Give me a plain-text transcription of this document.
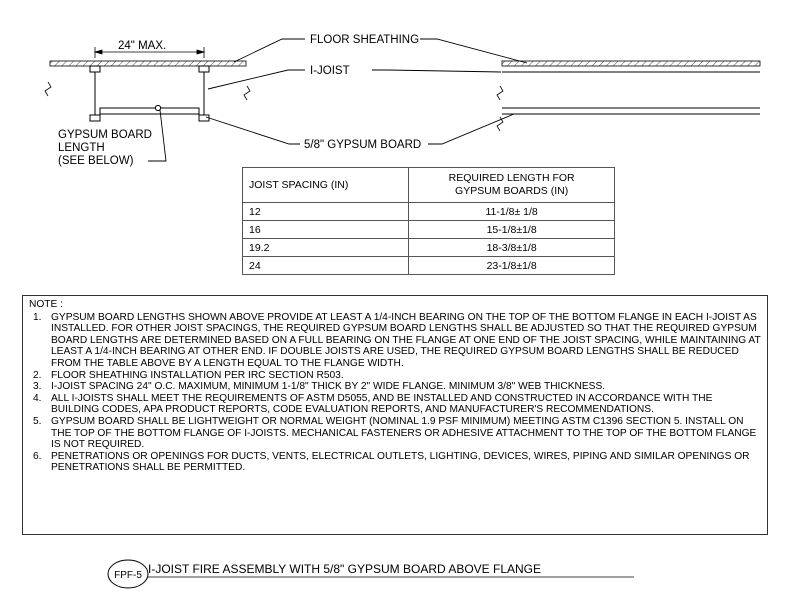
24" MAX.	FLOOR SHEATHING
I-JOIST
5/8" GYPSUM BOARD
GYPSUM BOARD
LENGTH
(SEE BELOW)
JOIST SPACING (IN)	REQUIRED LENGTH FOR
GYPSUM BOARDS (IN)

12	11-1/8± 1/8
16	15-1/8±1/8
19.2	18-3/8±1/8
24	23-1/8±1/8
NOTE :
1. GYPSUM BOARD LENGTHS SHOWN ABOVE PROVIDE AT LEAST A 1/4-INCH BEARING ON THE TOP OF THE BOTTOM FLANGE IN EACH I-JOIST AS INSTALLED. FOR OTHER JOIST SPACINGS, THE REQUIRED GYPSUM BOARD LENGTHS SHALL BE ADJUSTED SO THAT THE REQUIRED GYPSUM BOARD LENGTHS ARE DETERMINED BASED ON A FULL BEARING ON THE FLANGE AT ONE END OF THE JOIST SPACING, WHILE MAINTAINING AT LEAST A 1/4-INCH BEARING AT OTHER END. IF DOUBLE JOISTS ARE USED, THE REQUIRED GYPSUM BOARD LENGTHS SHALL BE REDUCED FROM THE TABLE ABOVE BY A LENGTH EQUAL TO THE FLANGE WIDTH.
2. FLOOR SHEATHING INSTALLATION PER IRC SECTION R503.
3. I-JOIST SPACING 24" O.C. MAXIMUM, MINIMUM 1-1/8" THICK BY 2" WIDE FLANGE. MINIMUM 3/8" WEB THICKNESS.
4. ALL I-JOISTS SHALL MEET THE REQUIREMENTS OF ASTM D5055, AND BE INSTALLED AND CONSTRUCTED IN ACCORDANCE WITH THE BUILDING CODES, APA PRODUCT REPORTS, CODE EVALUATION REPORTS, AND MANUFACTURER'S RECOMMENDATIONS.
5. GYPSUM BOARD SHALL BE LIGHTWEIGHT OR NORMAL WEIGHT (NOMINAL 1.9 PSF MINIMUM) MEETING ASTM C1396 SECTION 5. INSTALL ON THE TOP OF THE BOTTOM FLANGE OF I-JOISTS. MECHANICAL FASTENERS OR ADHESIVE ATTACHMENT TO THE TOP OF THE BOTTOM FLANGE IS NOT REQUIRED.
6. PENETRATIONS OR OPENINGS FOR DUCTS, VENTS, ELECTRICAL OUTLETS, LIGHTING, DEVICES, WIRES, PIPING AND SIMILAR OPENINGS OR PENETRATIONS SHALL BE PERMITTED.
FPF-5 I-JOIST FIRE ASSEMBLY WITH 5/8" GYPSUM BOARD ABOVE FLANGE
